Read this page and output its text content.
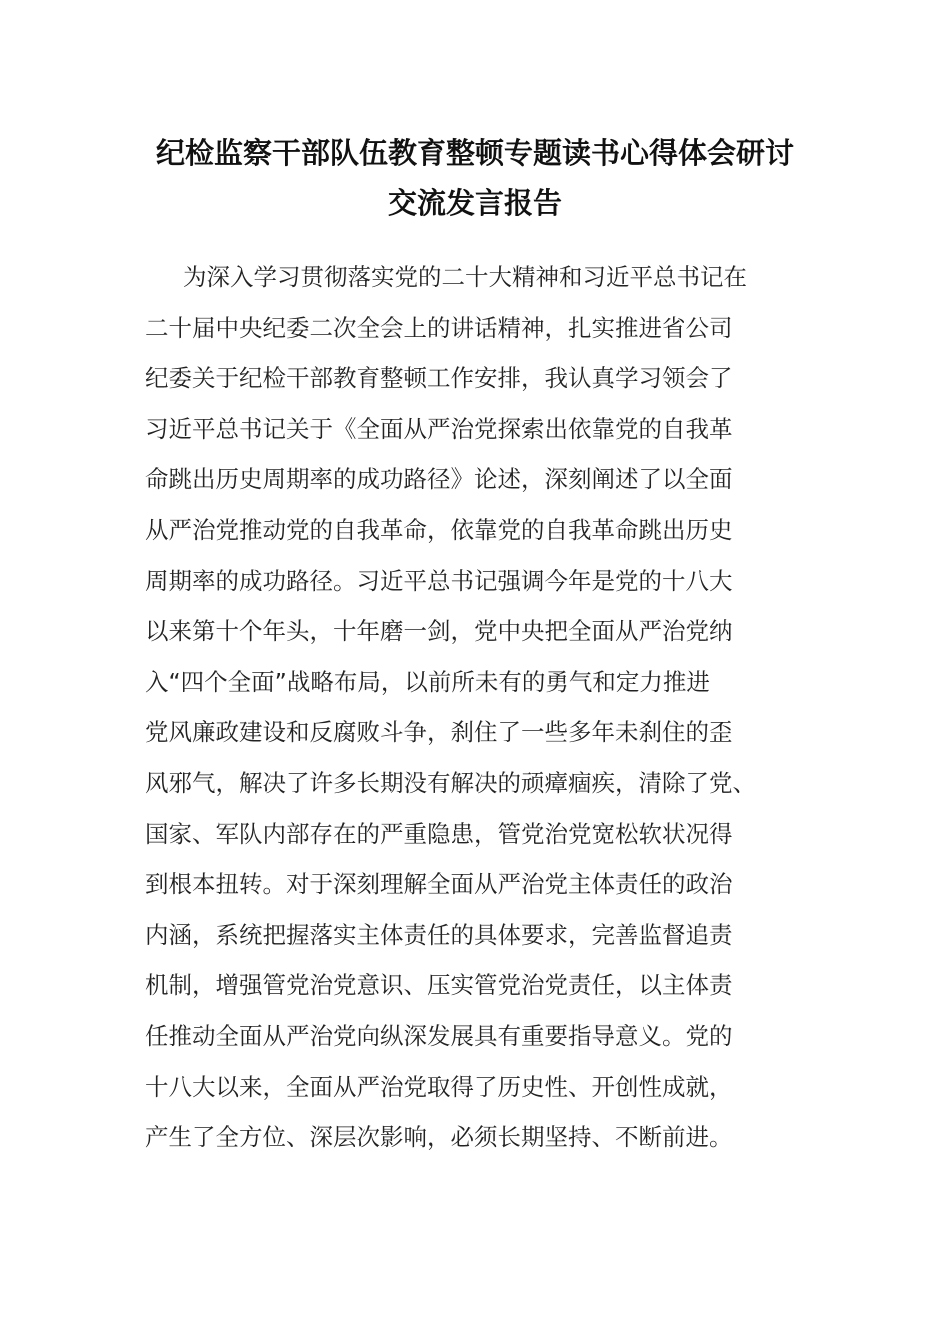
纪检监察干部队伍教育整顿专题读书心得体会研讨
交流发言报告
为深入学习贯彻落实党的二十大精神和习近平总书记在
二十届中央纪委二次全会上的讲话精神，扎实推进省公司
纪委关于纪检干部教育整顿工作安排，我认真学习领会了
习近平总书记关于《全面从严治党探索出依靠党的自我革
命跳出历史周期率的成功路径》论述，深刻阐述了以全面
从严治党推动党的自我革命，依靠党的自我革命跳出历史
周期率的成功路径。习近平总书记强调今年是党的十八大
以来第十个年头，十年磨一剑，党中央把全面从严治党纳
入“四个全面”战略布局，以前所未有的勇气和定力推进
党风廉政建设和反腐败斗争，刹住了一些多年未刹住的歪
风邪气，解决了许多长期没有解决的顽瘴痼疾，清除了党、
国家、军队内部存在的严重隐患，管党治党宽松软状况得
到根本扭转。对于深刻理解全面从严治党主体责任的政治
内涵，系统把握落实主体责任的具体要求，完善监督追责
机制，增强管党治党意识、压实管党治党责任，以主体责
任推动全面从严治党向纵深发展具有重要指导意义。党的
十八大以来，全面从严治党取得了历史性、开创性成就，
产生了全方位、深层次影响，必须长期坚持、不断前进。
